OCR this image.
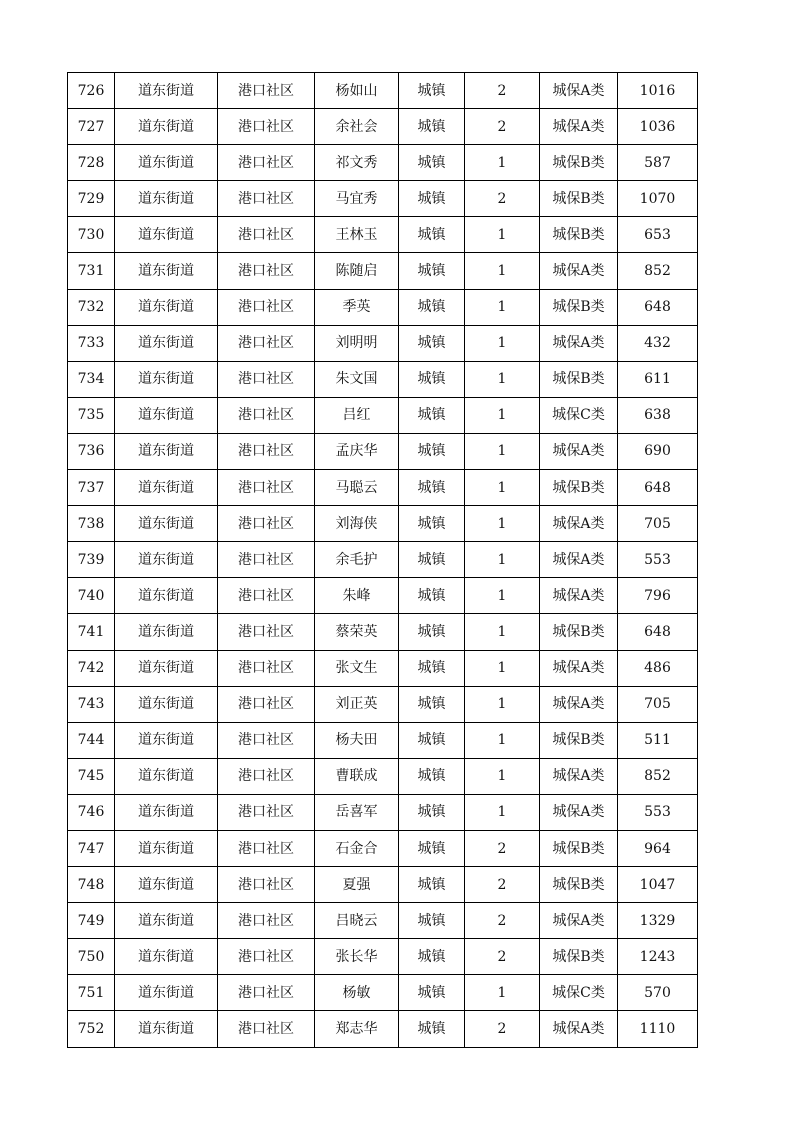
726	道东街道	港口社区	杨如山	城镇	2	城保A类	1016
727	道东街道	港口社区	余社会	城镇	2	城保A类	1036
728	道东街道	港口社区	祁文秀	城镇	1	城保B类	587
729	道东街道	港口社区	马宜秀	城镇	2	城保B类	1070
730	道东街道	港口社区	王林玉	城镇	1	城保B类	653
731	道东街道	港口社区	陈随启	城镇	1	城保A类	852
732	道东街道	港口社区	季英	城镇	1	城保B类	648
733	道东街道	港口社区	刘明明	城镇	1	城保A类	432
734	道东街道	港口社区	朱文国	城镇	1	城保B类	611
735	道东街道	港口社区	吕红	城镇	1	城保C类	638
736	道东街道	港口社区	孟庆华	城镇	1	城保A类	690
737	道东街道	港口社区	马聪云	城镇	1	城保B类	648
738	道东街道	港口社区	刘海侠	城镇	1	城保A类	705
739	道东街道	港口社区	余毛护	城镇	1	城保A类	553
740	道东街道	港口社区	朱峰	城镇	1	城保A类	796
741	道东街道	港口社区	蔡荣英	城镇	1	城保B类	648
742	道东街道	港口社区	张文生	城镇	1	城保A类	486
743	道东街道	港口社区	刘正英	城镇	1	城保A类	705
744	道东街道	港口社区	杨夫田	城镇	1	城保B类	511
745	道东街道	港口社区	曹联成	城镇	1	城保A类	852
746	道东街道	港口社区	岳喜军	城镇	1	城保A类	553
747	道东街道	港口社区	石金合	城镇	2	城保B类	964
748	道东街道	港口社区	夏强	城镇	2	城保B类	1047
749	道东街道	港口社区	吕晓云	城镇	2	城保A类	1329
750	道东街道	港口社区	张长华	城镇	2	城保B类	1243
751	道东街道	港口社区	杨敏	城镇	1	城保C类	570
752	道东街道	港口社区	郑志华	城镇	2	城保A类	1110
